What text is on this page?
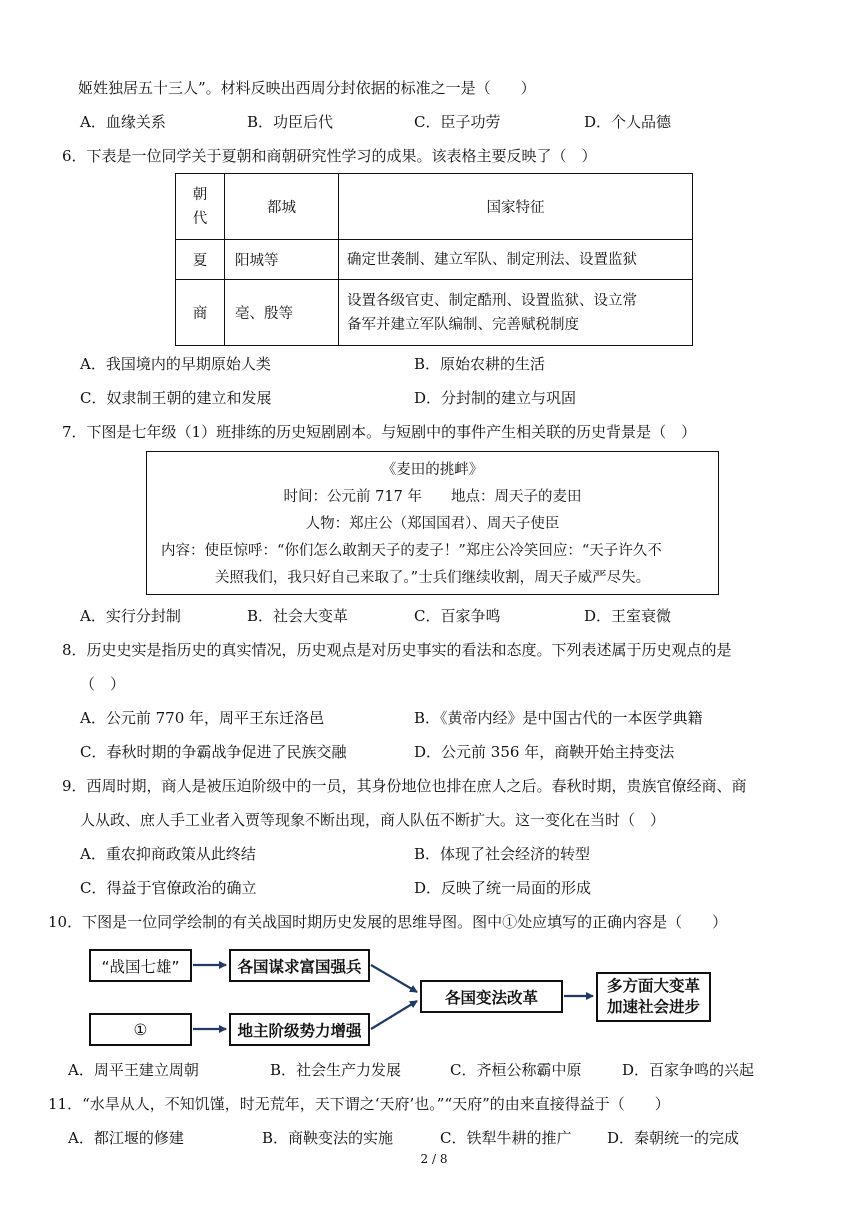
姬姓独居五十三人”。材料反映出西周分封依据的标准之一是（　　）
A．血缘关系	B．功臣后代	C．臣子功劳	D．个人品德
6．下表是一位同学关于夏朝和商朝研究性学习的成果。该表格主要反映了（　）
朝
代	都城	国家特征
夏	阳城等	确定世袭制、建立军队、制定刑法、设置监狱
商	亳、殷等	设置各级官吏、制定酷刑、设置监狱、设立常
备军并建立军队编制、完善赋税制度
A．我国境内的早期原始人类	B．原始农耕的生活
C．奴隶制王朝的建立和发展	D．分封制的建立与巩固
7．下图是七年级（1）班排练的历史短剧剧本。与短剧中的事件产生相关联的历史背景是（　）
《麦田的挑衅》
时间：公元前 717 年　　地点：周天子的麦田
人物：郑庄公（郑国国君）、周天子使臣
内容：使臣惊呼：“你们怎么敢割天子的麦子！”郑庄公冷笑回应：“天子许久不
关照我们，我只好自己来取了。”士兵们继续收割，周天子威严尽失。
A．实行分封制	B．社会大变革	C．百家争鸣	D．王室衰微
8．历史史实是指历史的真实情况，历史观点是对历史事实的看法和态度。下列表述属于历史观点的是
（　）
A．公元前 770 年，周平王东迁洛邑	B．《黄帝内经》是中国古代的一本医学典籍
C．春秋时期的争霸战争促进了民族交融	D．公元前 356 年，商鞅开始主持变法
9．西周时期，商人是被压迫阶级中的一员，其身份地位也排在庶人之后。春秋时期，贵族官僚经商、商
人从政、庶人手工业者入贾等现象不断出现，商人队伍不断扩大。这一变化在当时（　）
A．重农抑商政策从此终结	B．体现了社会经济的转型
C．得益于官僚政治的确立	D．反映了统一局面的形成
10．下图是一位同学绘制的有关战国时期历史发展的思维导图。图中①处应填写的正确内容是（　　）
“战国七雄”	各国谋求富国强兵
①	地主阶级势力增强
各国变法改革
多方面大变革
加速社会进步
A．周平王建立周朝	B．社会生产力发展	C．齐桓公称霸中原	D．百家争鸣的兴起
11．“水旱从人，不知饥馑，时无荒年，天下谓之‘天府’也。”“天府”的由来直接得益于（　　）
A．都江堰的修建	B．商鞅变法的实施	C．铁犁牛耕的推广 D．秦朝统一的完成
2 / 8
